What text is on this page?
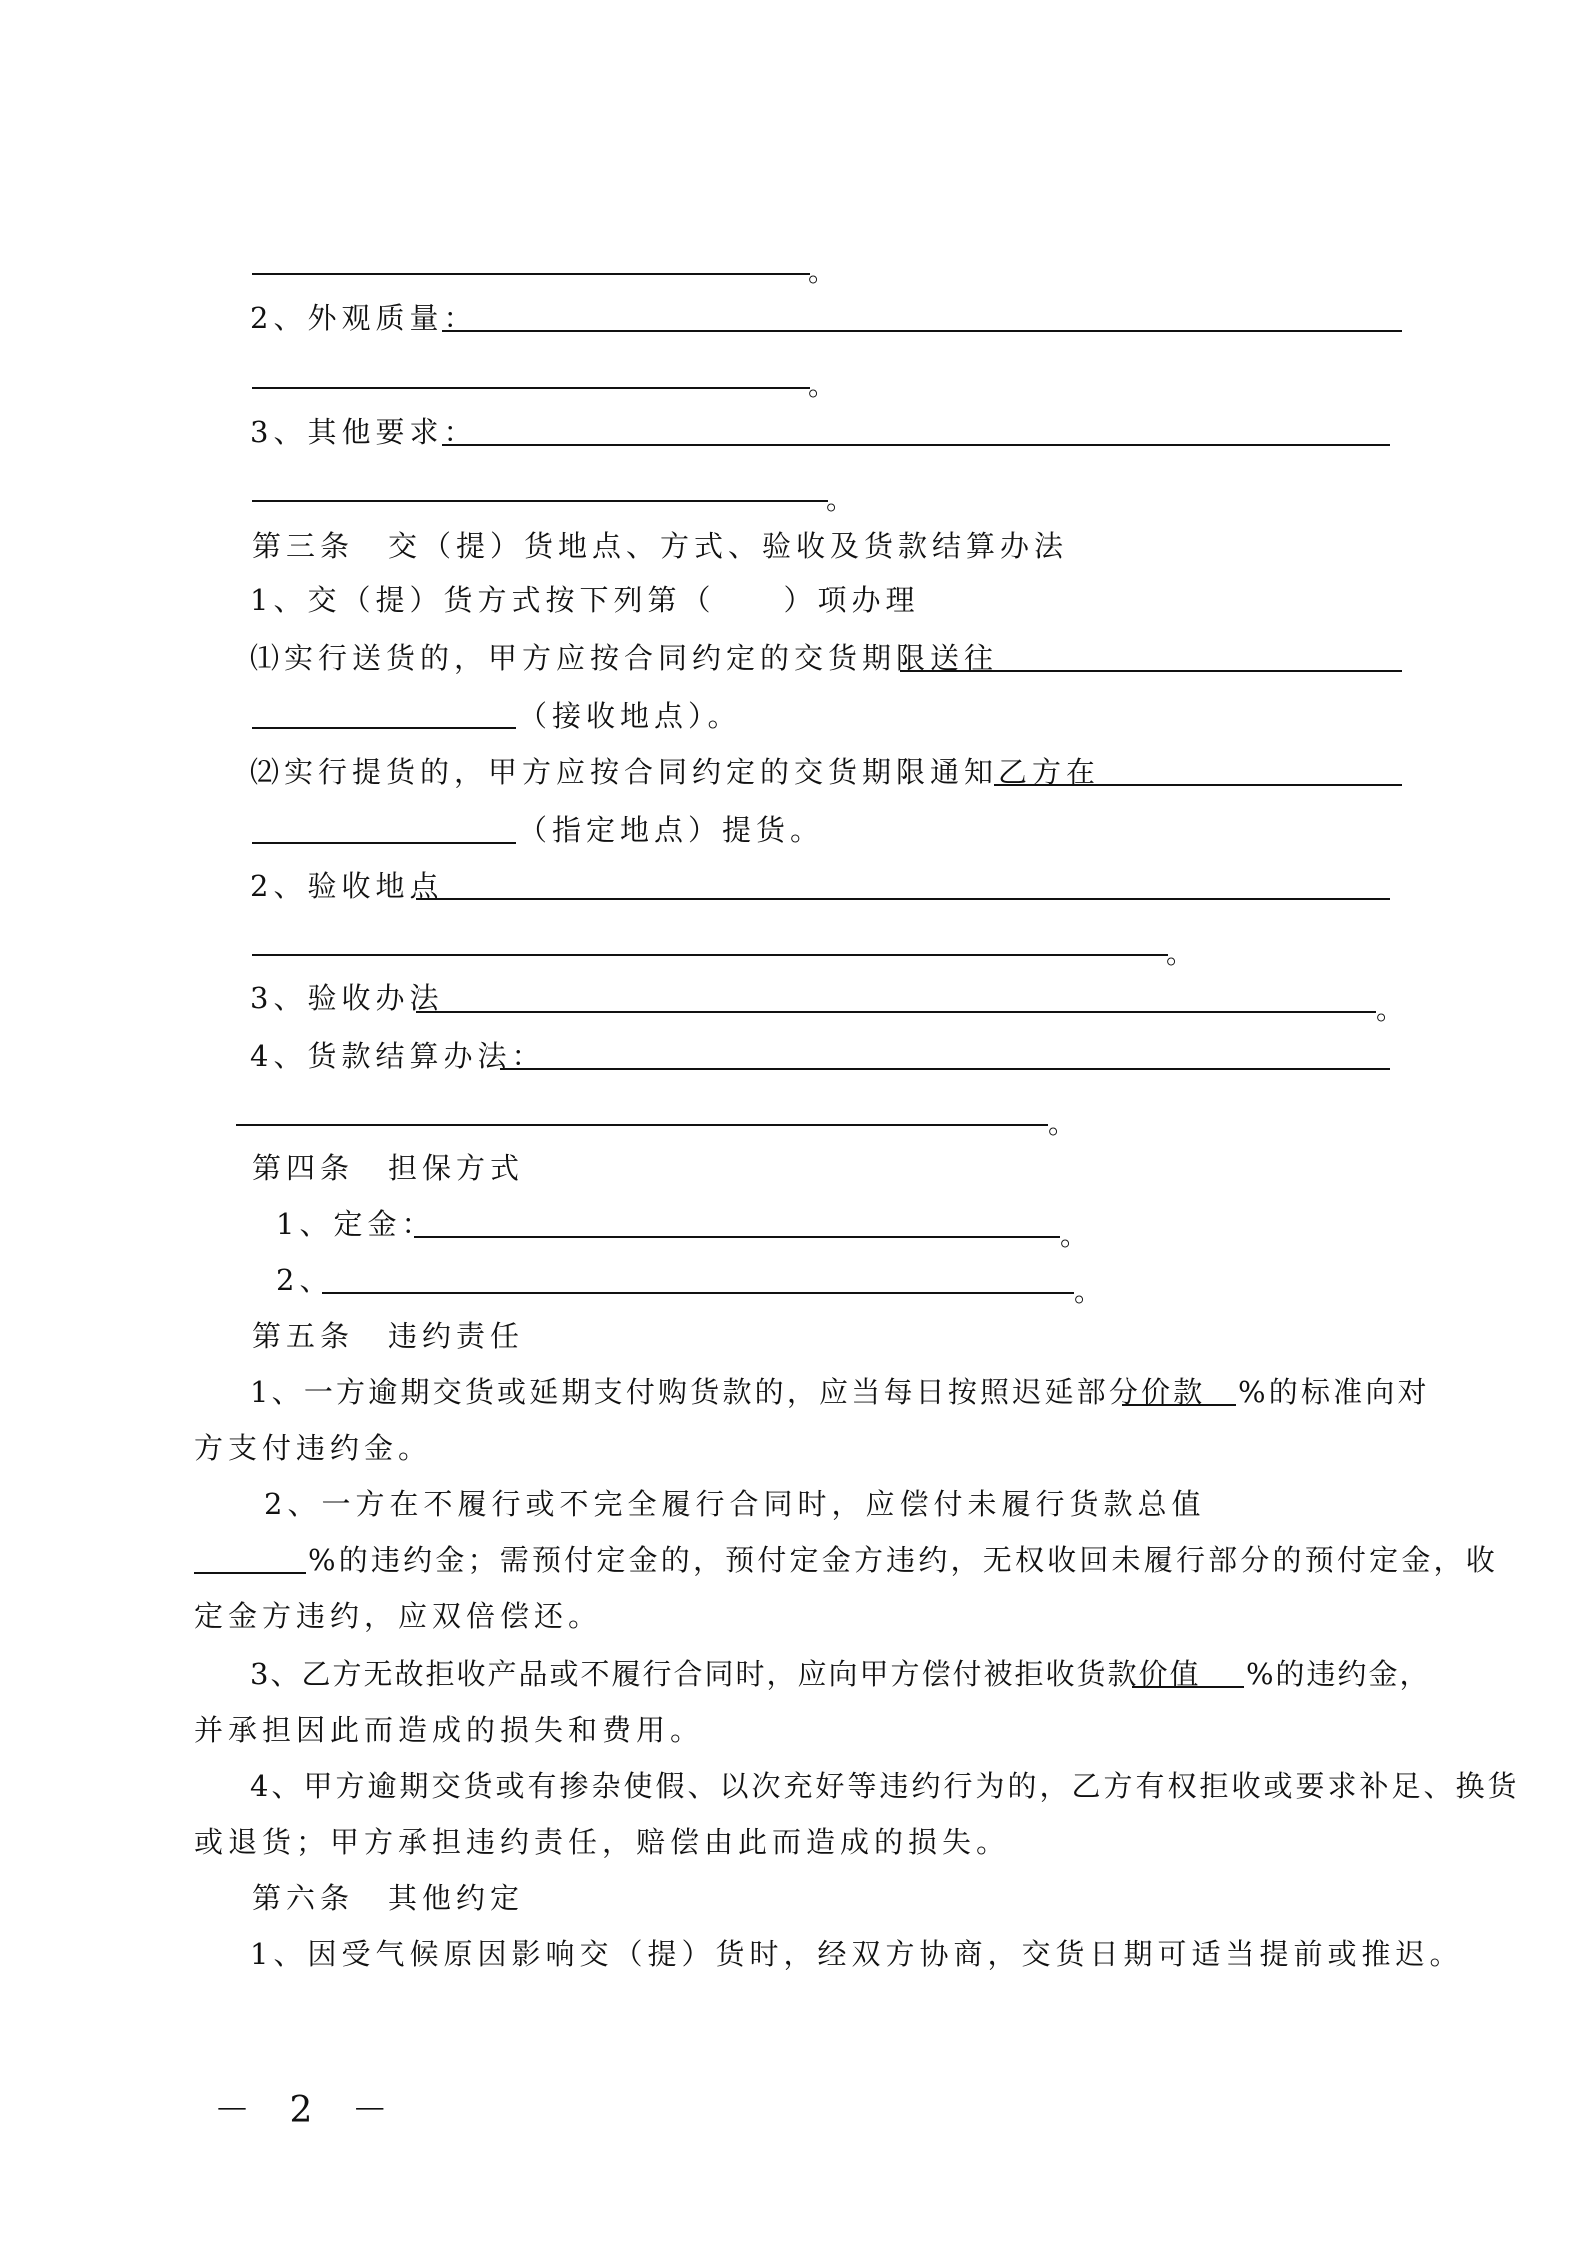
。
2、外观质量：
。
3、其他要求：
。
第三条　交（提）货地点、方式、验收及货款结算办法
1、交（提）货方式按下列第（　　）项办理
⑴实行送货的，甲方应按合同约定的交货期限送往
（接收地点）。
⑵实行提货的，甲方应按合同约定的交货期限通知乙方在
（指定地点）提货。
2、验收地点
。
3、验收办法	。
4、货款结算办法：
。
第四条　担保方式
1、定金：	。
2、	。
第五条　违约责任
1、一方逾期交货或延期支付购货款的，应当每日按照迟延部分价款 %的标准向对
方支付违约金。
2、一方在不履行或不完全履行合同时，应偿付未履行货款总值
%的违约金；需预付定金的，预付定金方违约，无权收回未履行部分的预付定金，收
定金方违约，应双倍偿还。
3、乙方无故拒收产品或不履行合同时，应向甲方偿付被拒收货款价值 %的违约金，
并承担因此而造成的损失和费用。
4、甲方逾期交货或有掺杂使假、以次充好等违约行为的，乙方有权拒收或要求补足、换货
或退货；甲方承担违约责任，赔偿由此而造成的损失。
第六条　其他约定
1、因受气候原因影响交（提）货时，经双方协商，交货日期可适当提前或推迟。
－ 2 －
